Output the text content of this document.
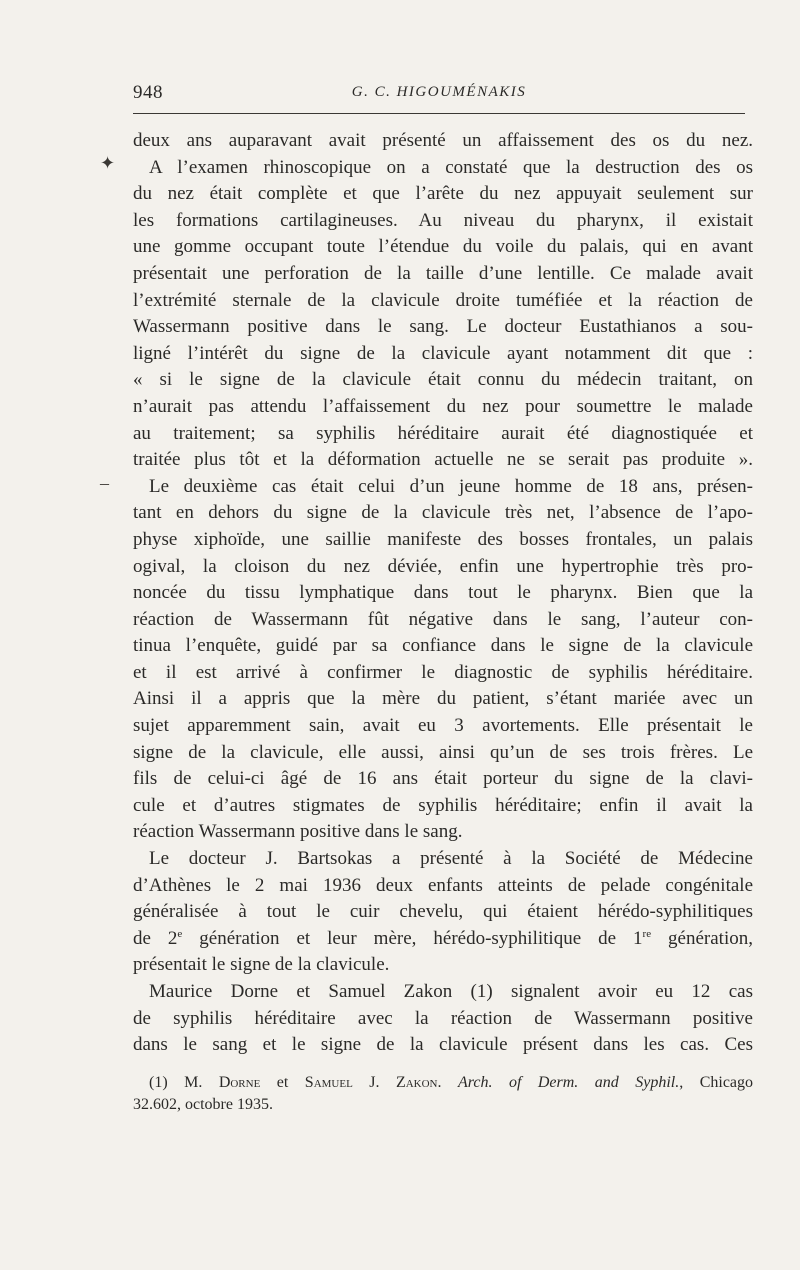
948	G. C. HIGOUMÉNAKIS
✦
–
deux ans auparavant avait présenté un affaissement des os du nez.
A l’examen rhinoscopique on a constaté que la destruction des os
du nez était complète et que l’arête du nez appuyait seulement sur
les formations cartilagineuses. Au niveau du pharynx, il existait
une gomme occupant toute l’étendue du voile du palais, qui en avant
présentait une perforation de la taille d’une lentille. Ce malade avait
l’extrémité sternale de la clavicule droite tuméfiée et la réaction de
Wassermann positive dans le sang. Le docteur Eustathianos a sou-
ligné l’intérêt du signe de la clavicule ayant notamment dit que :
« si le signe de la clavicule était connu du médecin traitant, on
n’aurait pas attendu l’affaissement du nez pour soumettre le malade
au traitement; sa syphilis héréditaire aurait été diagnostiquée et
traitée plus tôt et la déformation actuelle ne se serait pas produite ».
Le deuxième cas était celui d’un jeune homme de 18 ans, présen-
tant en dehors du signe de la clavicule très net, l’absence de l’apo-
physe xiphoïde, une saillie manifeste des bosses frontales, un palais
ogival, la cloison du nez déviée, enfin une hypertrophie très pro-
noncée du tissu lymphatique dans tout le pharynx. Bien que la
réaction de Wassermann fût négative dans le sang, l’auteur con-
tinua l’enquête, guidé par sa confiance dans le signe de la clavicule
et il est arrivé à confirmer le diagnostic de syphilis héréditaire.
Ainsi il a appris que la mère du patient, s’étant mariée avec un
sujet apparemment sain, avait eu 3 avortements. Elle présentait le
signe de la clavicule, elle aussi, ainsi qu’un de ses trois frères. Le
fils de celui-ci âgé de 16 ans était porteur du signe de la clavi-
cule et d’autres stigmates de syphilis héréditaire; enfin il avait la
réaction Wassermann positive dans le sang.
Le docteur J. Bartsokas a présenté à la Société de Médecine
d’Athènes le 2 mai 1936 deux enfants atteints de pelade congénitale
généralisée à tout le cuir chevelu, qui étaient hérédo-syphilitiques
de 2e génération et leur mère, hérédo-syphilitique de 1re génération,
présentait le signe de la clavicule.
Maurice Dorne et Samuel Zakon (1) signalent avoir eu 12 cas
de syphilis héréditaire avec la réaction de Wassermann positive
dans le sang et le signe de la clavicule présent dans les cas. Ces
(1) M. Dorne et Samuel J. Zakon. Arch. of Derm. and Syphil., Chicago
32.602, octobre 1935.
